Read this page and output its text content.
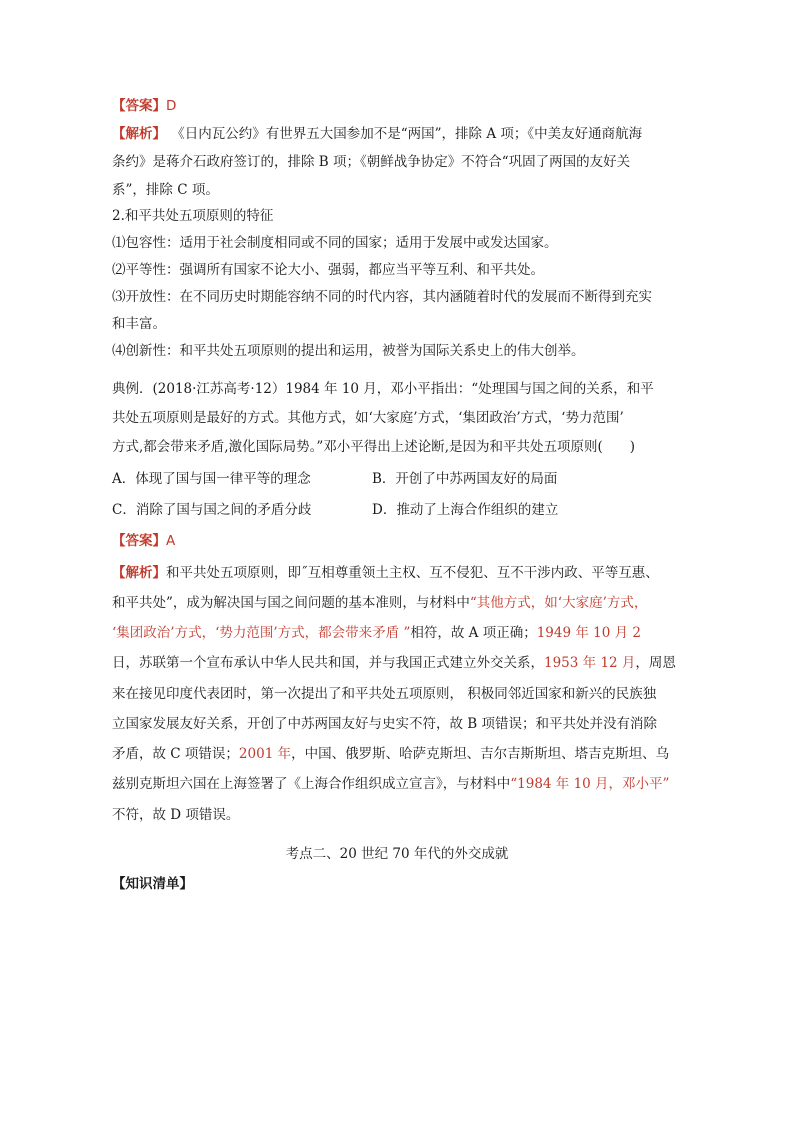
【答案】D
【解析】 《日内瓦公约》有世界五大国参加不是“两国”，排除 A 项；《中美友好通商航海
条约》是蒋介石政府签订的，排除 B 项；《朝鲜战争协定》不符合“巩固了两国的友好关
系”，排除 C 项。
2.和平共处五项原则的特征
⑴包容性：适用于社会制度相同或不同的国家；适用于发展中或发达国家。
⑵平等性：强调所有国家不论大小、强弱，都应当平等互利、和平共处。
⑶开放性：在不同历史时期能容纳不同的时代内容，其内涵随着时代的发展而不断得到充实
和丰富。
⑷创新性：和平共处五项原则的提出和运用，被誉为国际关系史上的伟大创举。
典例．(2018·江苏高考·12）1984 年 10 月，邓小平指出：“处理国与国之间的关系，和平
共处五项原则是最好的方式。其他方式，如‘大家庭’方式，‘集团政治’方式，‘势力范围’
方式,都会带来矛盾,激化国际局势。”邓小平得出上述论断,是因为和平共处五项原则(　　)
A．体现了国与国一律平等的理念	B．开创了中苏两国友好的局面
C．消除了国与国之间的矛盾分歧	D．推动了上海合作组织的建立
【答案】A
【解析】和平共处五项原则，即˝互相尊重领土主权、互不侵犯、互不干涉内政、平等互惠、
和平共处”，成为解决国与国之间问题的基本准则，与材料中“其他方式，如‘大家庭’方式，
‘集团政治’方式，‘势力范围’方式，都会带来矛盾 ”相符，故 A 项正确；1949 年 10 月 2
日，苏联第一个宣布承认中华人民共和国，并与我国正式建立外交关系，1953 年 12 月，周恩
来在接见印度代表团时，第一次提出了和平共处五项原则， 积极同邻近国家和新兴的民族独
立国家发展友好关系，开创了中苏两国友好与史实不符，故 B 项错误；和平共处并没有消除
矛盾，故 C 项错误；2001 年，中国、俄罗斯、哈萨克斯坦、吉尔吉斯斯坦、塔吉克斯坦、乌
兹别克斯坦六国在上海签署了《上海合作组织成立宣言》，与材料中“1984 年 10 月，邓小平”
不符，故 D 项错误。
考点二、20 世纪 70 年代的外交成就
【知识清单】
